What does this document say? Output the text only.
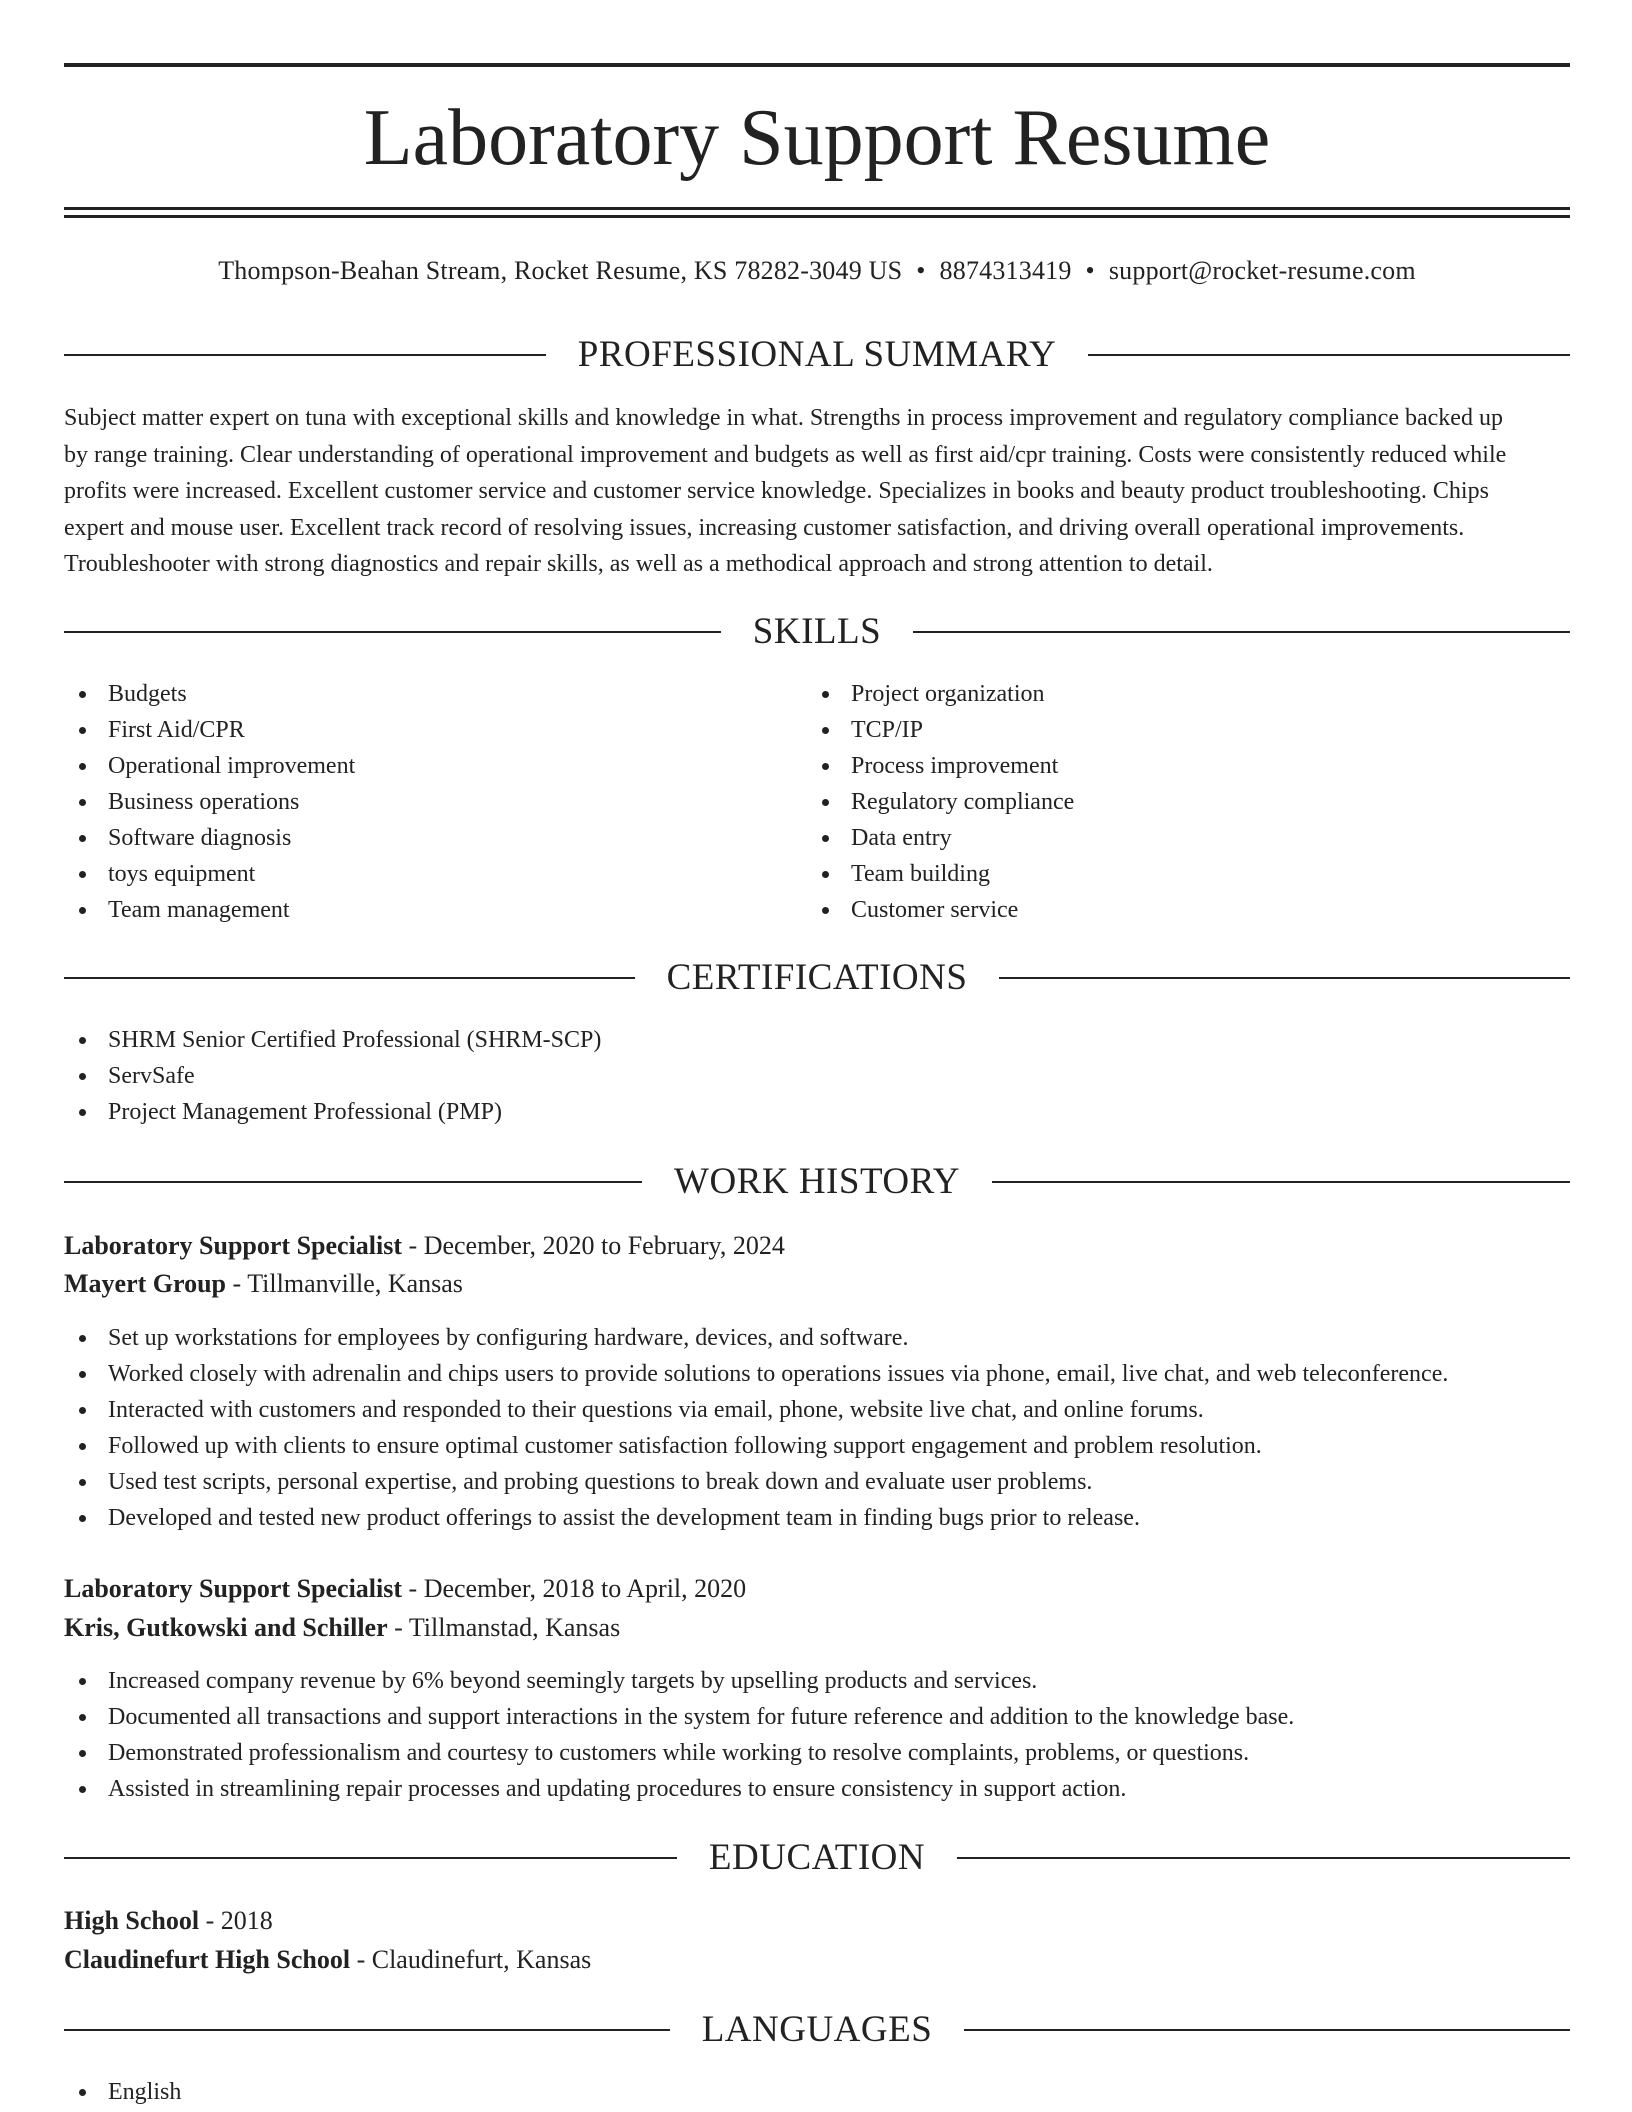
Laboratory Support Resume
Thompson-Beahan Stream, Rocket Resume, KS 78282-3049 US • 8874313419 • support@rocket-resume.com
PROFESSIONAL SUMMARY
Subject matter expert on tuna with exceptional skills and knowledge in what. Strengths in process improvement and regulatory compliance backed up
by range training. Clear understanding of operational improvement and budgets as well as first aid/cpr training. Costs were consistently reduced while
profits were increased. Excellent customer service and customer service knowledge. Specializes in books and beauty product troubleshooting. Chips
expert and mouse user. Excellent track record of resolving issues, increasing customer satisfaction, and driving overall operational improvements.
Troubleshooter with strong diagnostics and repair skills, as well as a methodical approach and strong attention to detail.
SKILLS
Budgets
First Aid/CPR
Operational improvement
Business operations
Software diagnosis
toys equipment
Team management
Project organization
TCP/IP
Process improvement
Regulatory compliance
Data entry
Team building
Customer service
CERTIFICATIONS
SHRM Senior Certified Professional (SHRM-SCP)
ServSafe
Project Management Professional (PMP)
WORK HISTORY
Laboratory Support Specialist - December, 2020 to February, 2024
Mayert Group - Tillmanville, Kansas
Set up workstations for employees by configuring hardware, devices, and software.
Worked closely with adrenalin and chips users to provide solutions to operations issues via phone, email, live chat, and web teleconference.
Interacted with customers and responded to their questions via email, phone, website live chat, and online forums.
Followed up with clients to ensure optimal customer satisfaction following support engagement and problem resolution.
Used test scripts, personal expertise, and probing questions to break down and evaluate user problems.
Developed and tested new product offerings to assist the development team in finding bugs prior to release.
Laboratory Support Specialist - December, 2018 to April, 2020
Kris, Gutkowski and Schiller - Tillmanstad, Kansas
Increased company revenue by 6% beyond seemingly targets by upselling products and services.
Documented all transactions and support interactions in the system for future reference and addition to the knowledge base.
Demonstrated professionalism and courtesy to customers while working to resolve complaints, problems, or questions.
Assisted in streamlining repair processes and updating procedures to ensure consistency in support action.
EDUCATION
High School - 2018
Claudinefurt High School - Claudinefurt, Kansas
LANGUAGES
English
